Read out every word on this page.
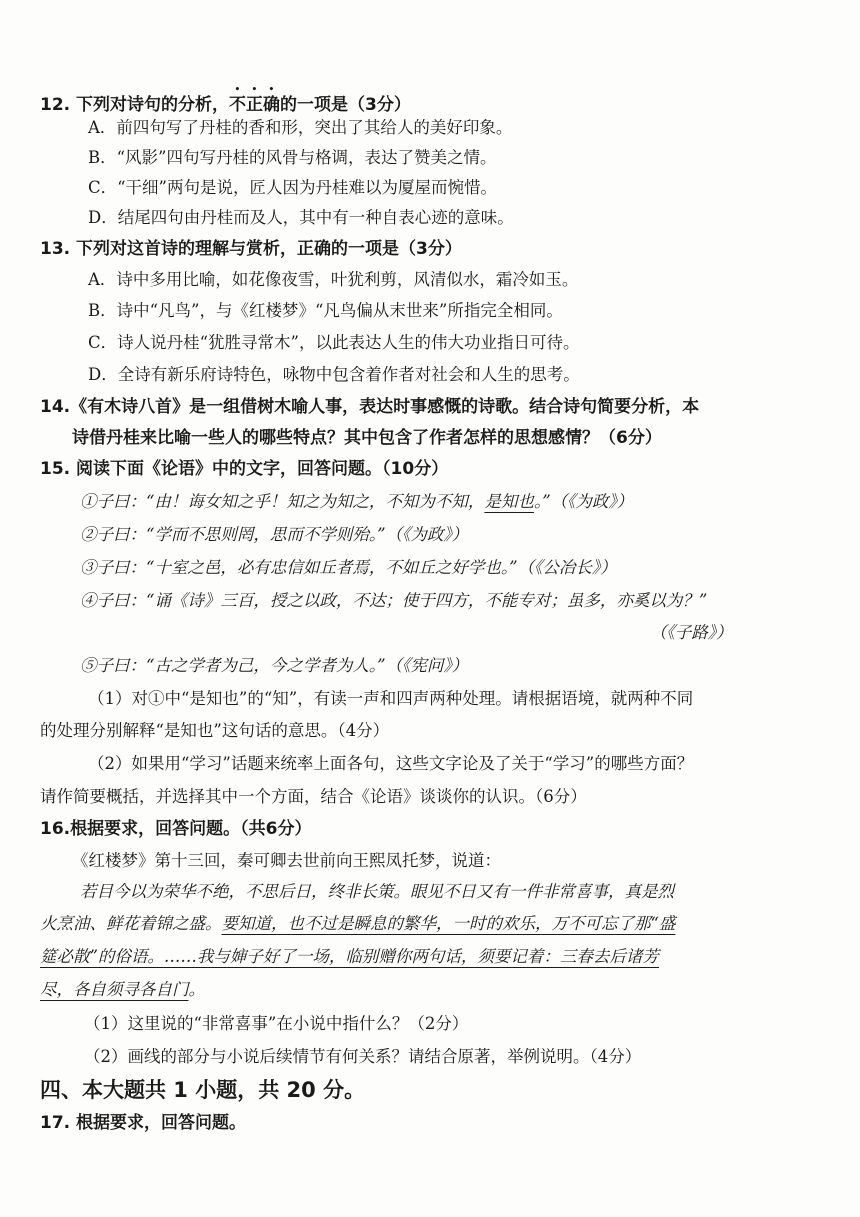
12. 下列对诗句的分析，不正确的一项是（3分）
A．前四句写了丹桂的香和形，突出了其给人的美好印象。
B．“风影”四句写丹桂的风骨与格调，表达了赞美之情。
C．“干细”两句是说，匠人因为丹桂难以为厦屋而惋惜。
D．结尾四句由丹桂而及人，其中有一种自表心迹的意味。
13. 下列对这首诗的理解与赏析，正确的一项是（3分）
A．诗中多用比喻，如花像夜雪，叶犹利剪，风清似水，霜冷如玉。
B．诗中“凡鸟”，与《红楼梦》“凡鸟偏从末世来”所指完全相同。
C．诗人说丹桂“犹胜寻常木”，以此表达人生的伟大功业指日可待。
D．全诗有新乐府诗特色，咏物中包含着作者对社会和人生的思考。
14.《有木诗八首》是一组借树木喻人事，表达时事感慨的诗歌。结合诗句简要分析，本
诗借丹桂来比喻一些人的哪些特点？其中包含了作者怎样的思想感情？（6分）
15. 阅读下面《论语》中的文字，回答问题。（10分）
①子曰：“由！诲女知之乎！知之为知之，不知为不知，是知也。”（《为政》）
②子曰：“学而不思则罔，思而不学则殆。”（《为政》）
③子曰：“十室之邑，必有忠信如丘者焉，不如丘之好学也。”（《公冶长》）
④子曰：“诵《诗》三百，授之以政，不达；使于四方，不能专对；虽多，亦奚以为？”
（《子路》）
⑤子曰：“古之学者为己，今之学者为人。”（《宪问》）
（1）对①中“是知也”的“知”，有读一声和四声两种处理。请根据语境，就两种不同
的处理分别解释“是知也”这句话的意思。（4分）
（2）如果用“学习”话题来统率上面各句，这些文字论及了关于“学习”的哪些方面？
请作简要概括，并选择其中一个方面，结合《论语》谈谈你的认识。（6分）
16.根据要求，回答问题。（共6分）
《红楼梦》第十三回，秦可卿去世前向王熙凤托梦，说道：
若目今以为荣华不绝，不思后日，终非长策。眼见不日又有一件非常喜事，真是烈
火烹油、鲜花着锦之盛。要知道，也不过是瞬息的繁华，一时的欢乐，万不可忘了那“盛
筵必散”的俗语。……我与婶子好了一场，临别赠你两句话，须要记着：三春去后诸芳
尽，各自须寻各自门。
（1）这里说的“非常喜事”在小说中指什么？（2分）
（2）画线的部分与小说后续情节有何关系？请结合原著，举例说明。（4分）
四、本大题共 1 小题，共 20 分。
17. 根据要求，回答问题。
